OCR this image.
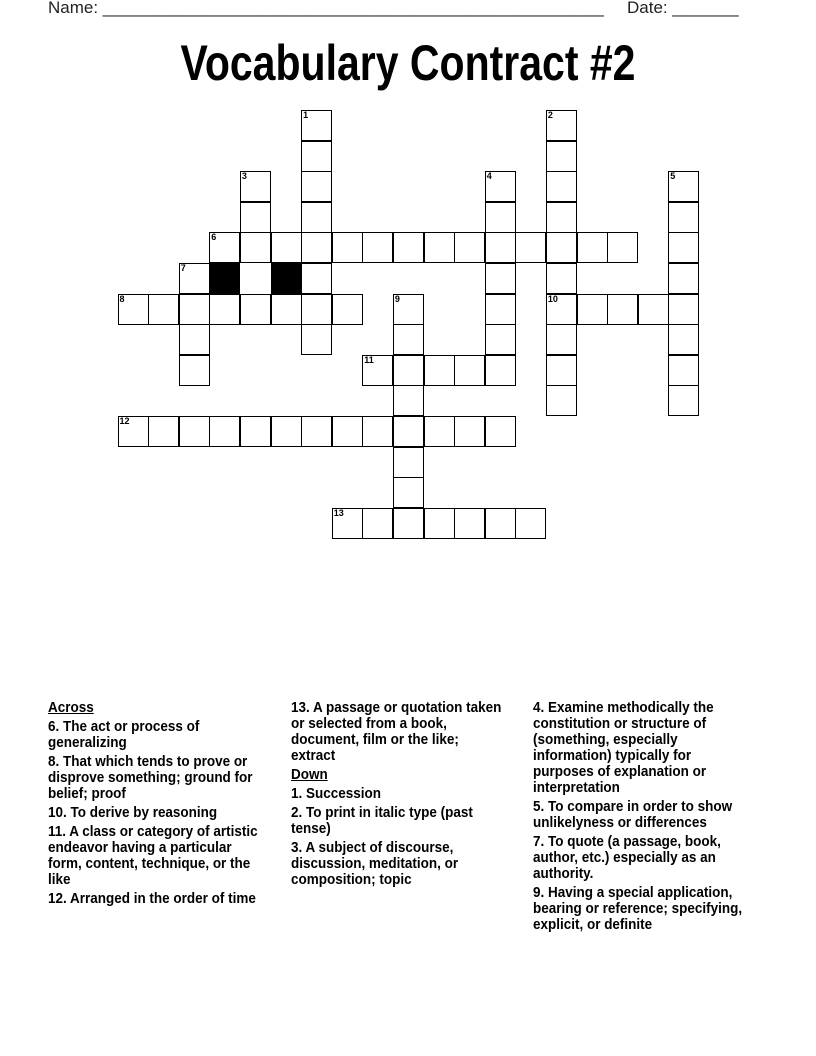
Name: _____________________________________________________ Date: _______
Vocabulary Contract #2
1	2
10
3	4	5
6
7
8	9
11
12
13
Across
6. The act or process of generalizing
8. That which tends to prove or disprove something; ground for belief; proof
10. To derive by reasoning
11. A class or category of artistic endeavor having a particular form, content, technique, or the like
12. Arranged in the order of time
13. A passage or quotation taken or selected from a book, document, film or the like; extract
Down
1. Succession
2. To print in italic type (past tense)
3. A subject of discourse, discussion, meditation, or composition; topic
4. Examine methodically the constitution or structure of (something, especially information) typically for purposes of explanation or interpretation
5. To compare in order to show unlikelyness or differences
7. To quote (a passage, book, author, etc.) especially as an authority.
9. Having a special application, bearing or reference; specifying, explicit, or definite
